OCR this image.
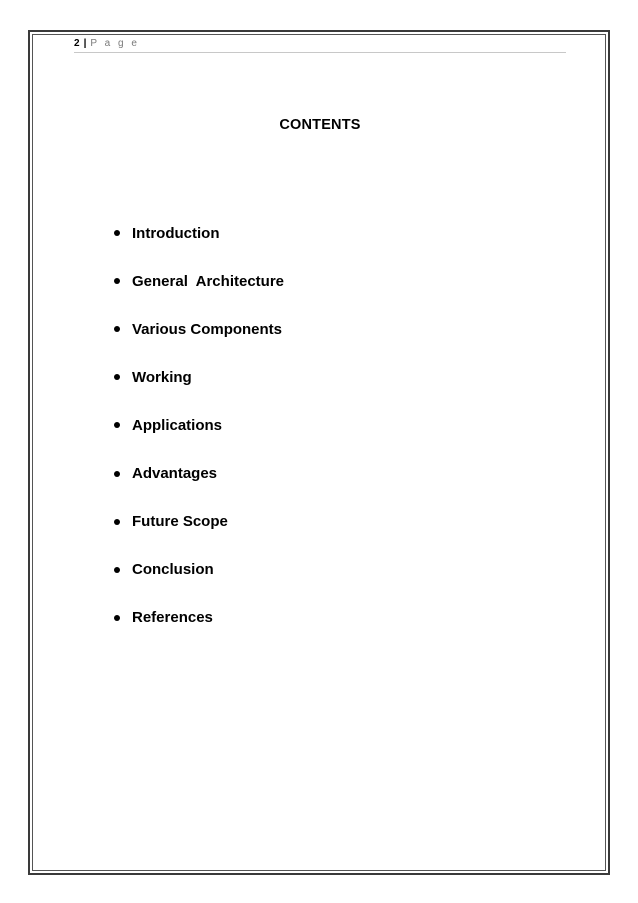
2 | P a g e
CONTENTS
Introduction
General  Architecture
Various Components
Working
Applications
Advantages
Future Scope
Conclusion
References
